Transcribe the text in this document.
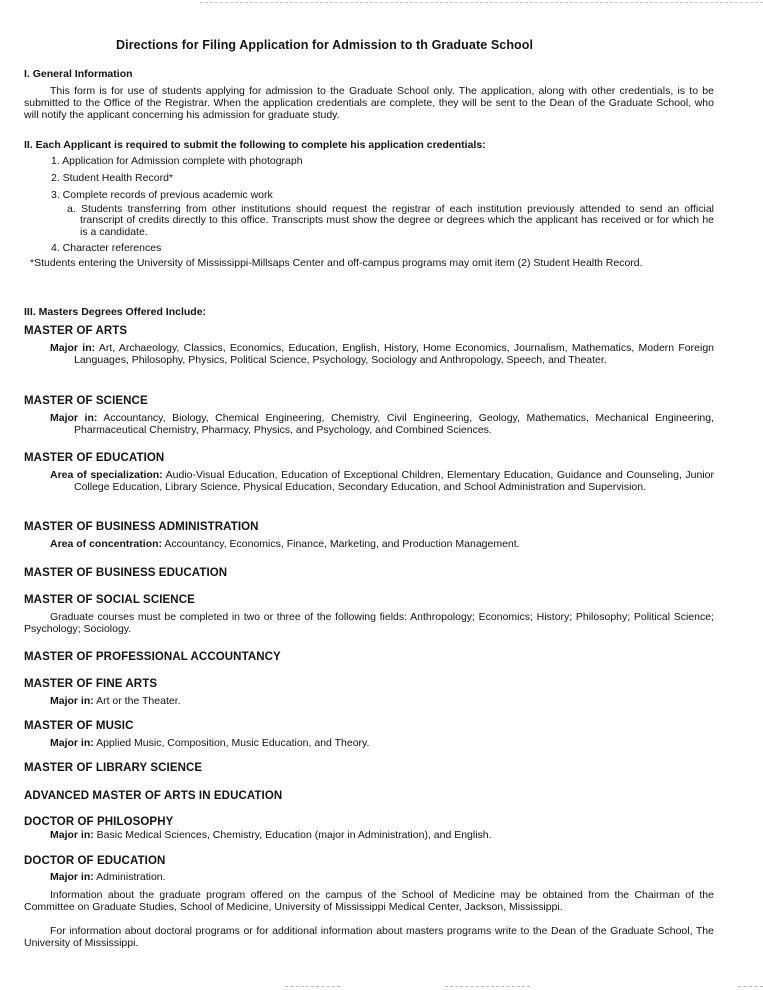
Directions for Filing Application for Admission to th Graduate School
I. General Information
This form is for use of students applying for admission to the Graduate School only. The application, along with other credentials, is to be submitted to the Office of the Registrar. When the application credentials are complete, they will be sent to the Dean of the Graduate School, who will notify the applicant concerning his admission for graduate study.
II. Each Applicant is required to submit the following to complete his application credentials:
1. Application for Admission complete with photograph
2. Student Health Record*
3. Complete records of previous academic work
a. Students transferring from other institutions should request the registrar of each institution previously attended to send an official transcript of credits directly to this office. Transcripts must show the degree or degrees which the applicant has received or for which he is a candidate.
4. Character references
*Students entering the University of Mississippi-Millsaps Center and off-campus programs may omit item (2) Student Health Record.
III. Masters Degrees Offered Include:
MASTER OF ARTS
Major in: Art, Archaeology, Classics, Economics, Education, English, History, Home Economics, Journalism, Mathematics, Modern Foreign Languages, Philosophy, Physics, Political Science, Psychology, Sociology and Anthropology, Speech, and Theater.
MASTER OF SCIENCE
Major in: Accountancy, Biology, Chemical Engineering, Chemistry, Civil Engineering, Geology, Mathematics, Mechanical Engineering, Pharmaceutical Chemistry, Pharmacy, Physics, and Psychology, and Combined Sciences.
MASTER OF EDUCATION
Area of specialization: Audio-Visual Education, Education of Exceptional Children, Elementary Education, Guidance and Counseling, Junior College Education, Library Science, Physical Education, Secondary Education, and School Administration and Supervision.
MASTER OF BUSINESS ADMINISTRATION
Area of concentration: Accountancy, Economics, Finance, Marketing, and Production Management.
MASTER OF BUSINESS EDUCATION
MASTER OF SOCIAL SCIENCE
Graduate courses must be completed in two or three of the following fields: Anthropology; Economics; History; Philosophy; Political Science; Psychology; Sociology.
MASTER OF PROFESSIONAL ACCOUNTANCY
MASTER OF FINE ARTS
Major in: Art or the Theater.
MASTER OF MUSIC
Major in: Applied Music, Composition, Music Education, and Theory.
MASTER OF LIBRARY SCIENCE
ADVANCED MASTER OF ARTS IN EDUCATION
DOCTOR OF PHILOSOPHY
Major in: Basic Medical Sciences, Chemistry, Education (major in Administration), and English.
DOCTOR OF EDUCATION
Major in: Administration.
Information about the graduate program offered on the campus of the School of Medicine may be obtained from the Chairman of the Committee on Graduate Studies, School of Medicine, University of Mississippi Medical Center, Jackson, Mississippi.
For information about doctoral programs or for additional information about masters programs write to the Dean of the Graduate School, The University of Mississippi.
